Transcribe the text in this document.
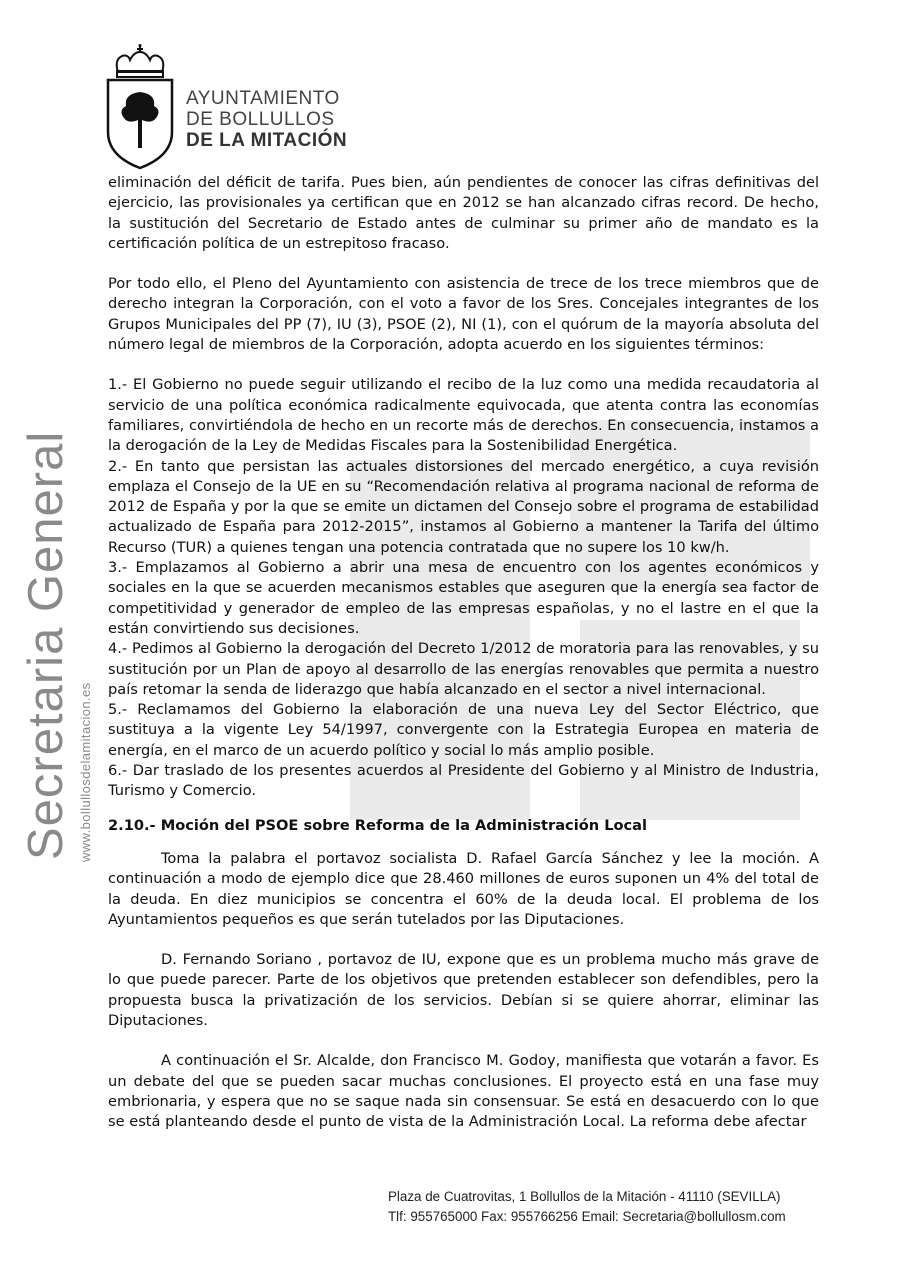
AYUNTAMIENTO
DE BOLLULLOS
DE LA MITACIÓN
Secretaria General www.bollullosdelamitacion.es

eliminación del déficit de tarifa. Pues bien, aún pendientes de conocer las cifras definitivas del ejercicio, las provisionales ya certifican que en 2012 se han alcanzado cifras record. De hecho, la sustitución del Secretario de Estado antes de culminar su primer año de mandato es la certificación política de un estrepitoso fracaso.

Por todo ello, el Pleno del Ayuntamiento con asistencia de trece de los trece miembros que de derecho integran la Corporación, con el voto a favor de los Sres. Concejales integrantes de los Grupos Municipales del PP (7), IU (3), PSOE (2), NI (1), con el quórum de la mayoría absoluta del número legal de miembros de la Corporación, adopta acuerdo en los siguientes términos:

1.- El Gobierno no puede seguir utilizando el recibo de la luz como una medida recaudatoria al servicio de una política económica radicalmente equivocada, que atenta contra las economías familiares, convirtiéndola de hecho en un recorte más de derechos. En consecuencia, instamos a la derogación de la Ley de Medidas Fiscales para la Sostenibilidad Energética.

2.- En tanto que persistan las actuales distorsiones del mercado energético, a cuya revisión emplaza el Consejo de la UE en su “Recomendación relativa al programa nacional de reforma de 2012 de España y por la que se emite un dictamen del Consejo sobre el programa de estabilidad actualizado de España para 2012-2015”, instamos al Gobierno a mantener la Tarifa del último Recurso (TUR) a quienes tengan una potencia contratada que no supere los 10 kw/h.

3.- Emplazamos al Gobierno a abrir una mesa de encuentro con los agentes económicos y sociales en la que se acuerden mecanismos estables que aseguren que la energía sea factor de competitividad y generador de empleo de las empresas españolas, y no el lastre en el que la están convirtiendo sus decisiones.

4.- Pedimos al Gobierno la derogación del Decreto 1/2012 de moratoria para las renovables, y su sustitución por un Plan de apoyo al desarrollo de las energías renovables que permita a nuestro país retomar la senda de liderazgo que había alcanzado en el sector a nivel internacional.

5.- Reclamamos del Gobierno la elaboración de una nueva Ley del Sector Eléctrico, que sustituya a la vigente Ley 54/1997, convergente con la Estrategia Europea en materia de energía, en el marco de un acuerdo político y social lo más amplio posible.

6.- Dar traslado de los presentes acuerdos al Presidente del Gobierno y al Ministro de Industria, Turismo y Comercio.

2.10.- Moción del PSOE sobre Reforma de la Administración Local

Toma la palabra el portavoz socialista D. Rafael García Sánchez y lee la moción. A continuación a modo de ejemplo dice que 28.460 millones de euros suponen un 4% del total de la deuda. En diez municipios se concentra el 60% de la deuda local. El problema de los Ayuntamientos pequeños es que serán tutelados por las Diputaciones.

D. Fernando Soriano , portavoz de IU, expone que es un problema mucho más grave de lo que puede parecer. Parte de los objetivos que pretenden establecer son defendibles, pero la propuesta busca la privatización de los servicios. Debían si se quiere ahorrar, eliminar las Diputaciones.

A continuación el Sr. Alcalde, don Francisco M. Godoy, manifiesta que votarán a favor. Es un debate del que se pueden sacar muchas conclusiones. El proyecto está en una fase muy embrionaria, y espera que no se saque nada sin consensuar. Se está en desacuerdo con lo que se está planteando desde el punto de vista de la Administración Local. La reforma debe afectar

Plaza de Cuatrovitas, 1 Bollullos de la Mitación - 41110 (SEVILLA)
Tlf: 955765000 Fax: 955766256 Email: Secretaria@bollullosm.com
